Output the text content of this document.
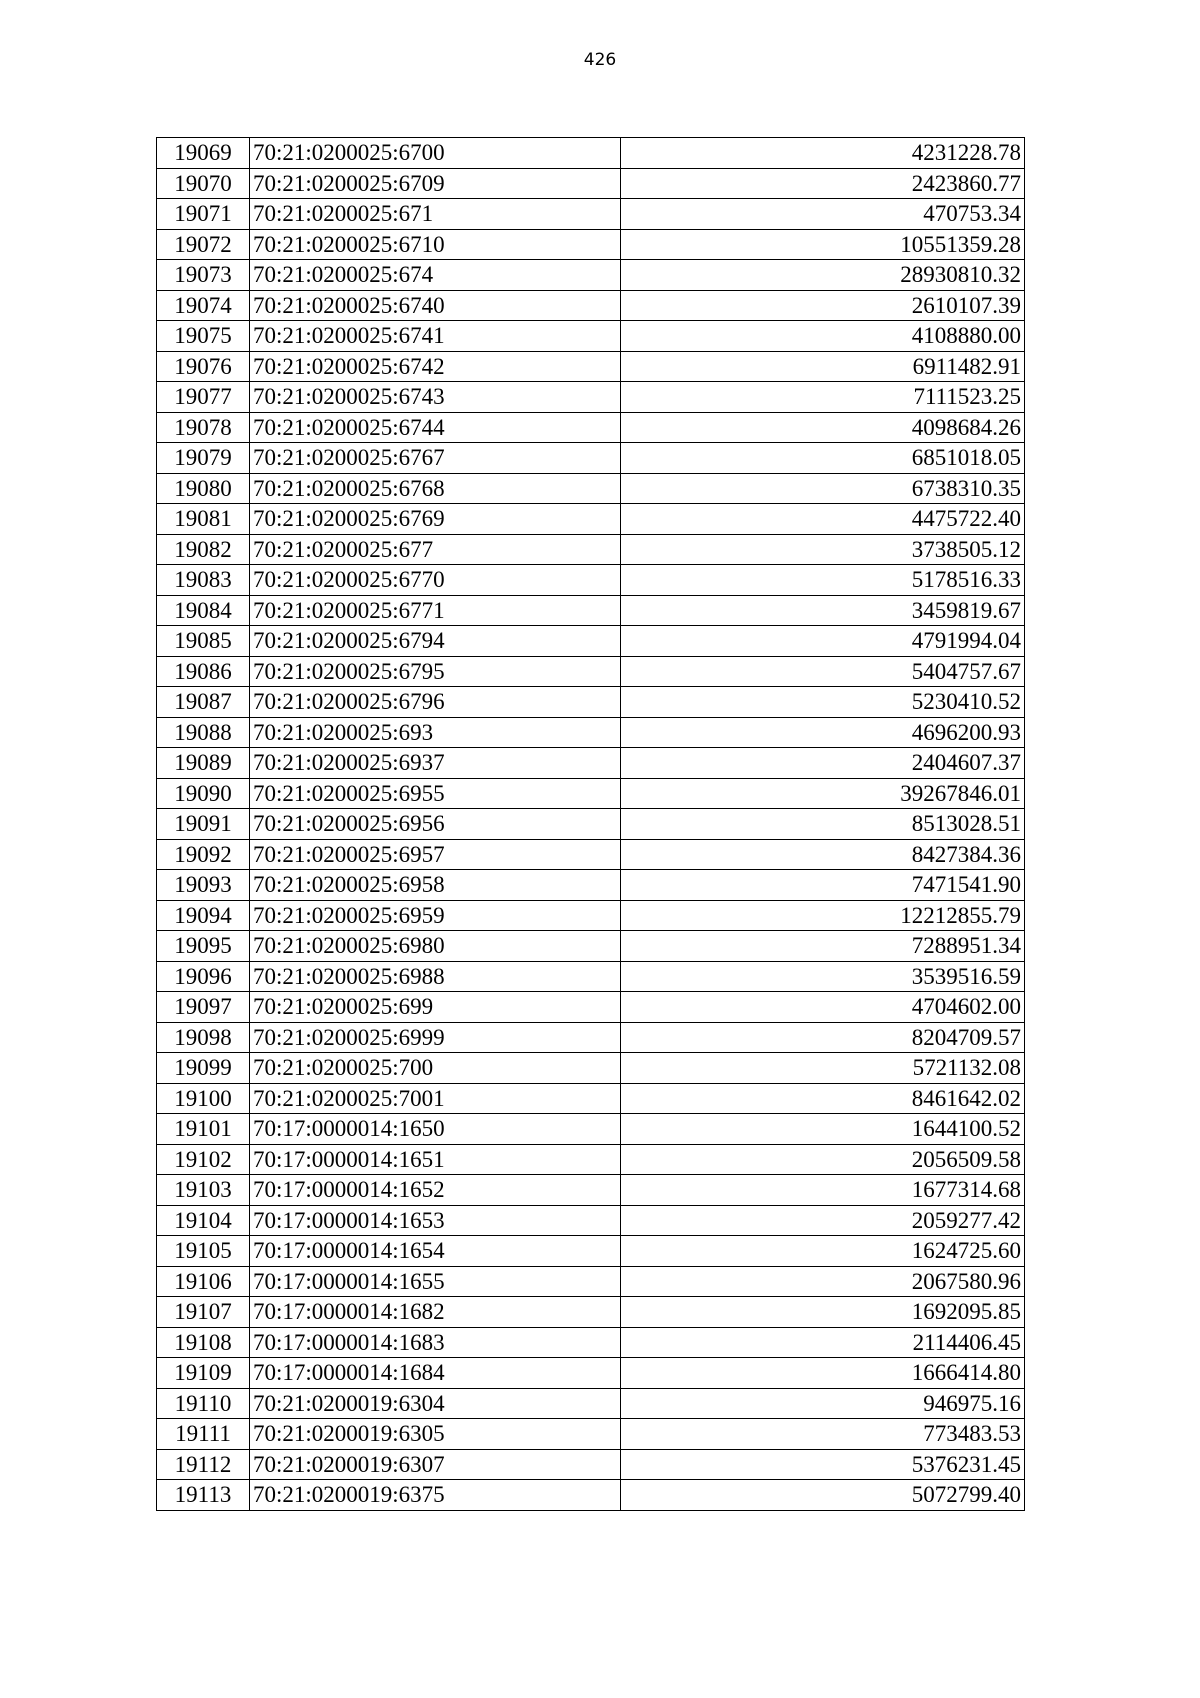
426
19069	70:21:0200025:6700	4231228.78
19070	70:21:0200025:6709	2423860.77
19071	70:21:0200025:671	470753.34
19072	70:21:0200025:6710	10551359.28
19073	70:21:0200025:674	28930810.32
19074	70:21:0200025:6740	2610107.39
19075	70:21:0200025:6741	4108880.00
19076	70:21:0200025:6742	6911482.91
19077	70:21:0200025:6743	7111523.25
19078	70:21:0200025:6744	4098684.26
19079	70:21:0200025:6767	6851018.05
19080	70:21:0200025:6768	6738310.35
19081	70:21:0200025:6769	4475722.40
19082	70:21:0200025:677	3738505.12
19083	70:21:0200025:6770	5178516.33
19084	70:21:0200025:6771	3459819.67
19085	70:21:0200025:6794	4791994.04
19086	70:21:0200025:6795	5404757.67
19087	70:21:0200025:6796	5230410.52
19088	70:21:0200025:693	4696200.93
19089	70:21:0200025:6937	2404607.37
19090	70:21:0200025:6955	39267846.01
19091	70:21:0200025:6956	8513028.51
19092	70:21:0200025:6957	8427384.36
19093	70:21:0200025:6958	7471541.90
19094	70:21:0200025:6959	12212855.79
19095	70:21:0200025:6980	7288951.34
19096	70:21:0200025:6988	3539516.59
19097	70:21:0200025:699	4704602.00
19098	70:21:0200025:6999	8204709.57
19099	70:21:0200025:700	5721132.08
19100	70:21:0200025:7001	8461642.02
19101	70:17:0000014:1650	1644100.52
19102	70:17:0000014:1651	2056509.58
19103	70:17:0000014:1652	1677314.68
19104	70:17:0000014:1653	2059277.42
19105	70:17:0000014:1654	1624725.60
19106	70:17:0000014:1655	2067580.96
19107	70:17:0000014:1682	1692095.85
19108	70:17:0000014:1683	2114406.45
19109	70:17:0000014:1684	1666414.80
19110	70:21:0200019:6304	946975.16
19111	70:21:0200019:6305	773483.53
19112	70:21:0200019:6307	5376231.45
19113	70:21:0200019:6375	5072799.40
